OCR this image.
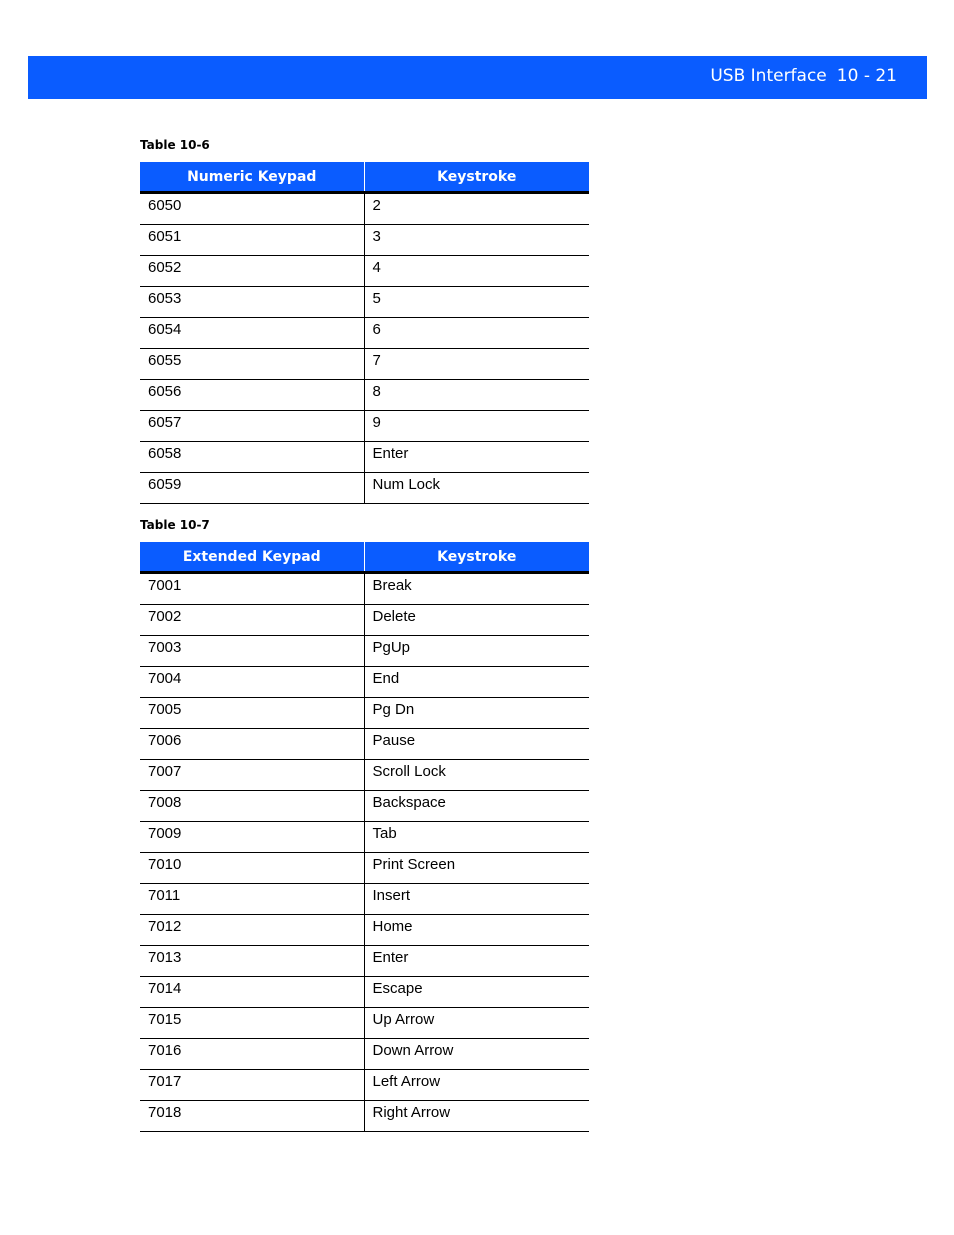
USB Interface 10 - 21
Table 10-6
Numeric Keypad	Keystroke
6050	2
6051	3
6052	4
6053	5
6054	6
6055	7
6056	8
6057	9
6058	Enter
6059	Num Lock
Table 10-7
Extended Keypad	Keystroke
7001	Break
7002	Delete
7003	PgUp
7004	End
7005	Pg Dn
7006	Pause
7007	Scroll Lock
7008	Backspace
7009	Tab
7010	Print Screen
7011	Insert
7012	Home
7013	Enter
7014	Escape
7015	Up Arrow
7016	Down Arrow
7017	Left Arrow
7018	Right Arrow
